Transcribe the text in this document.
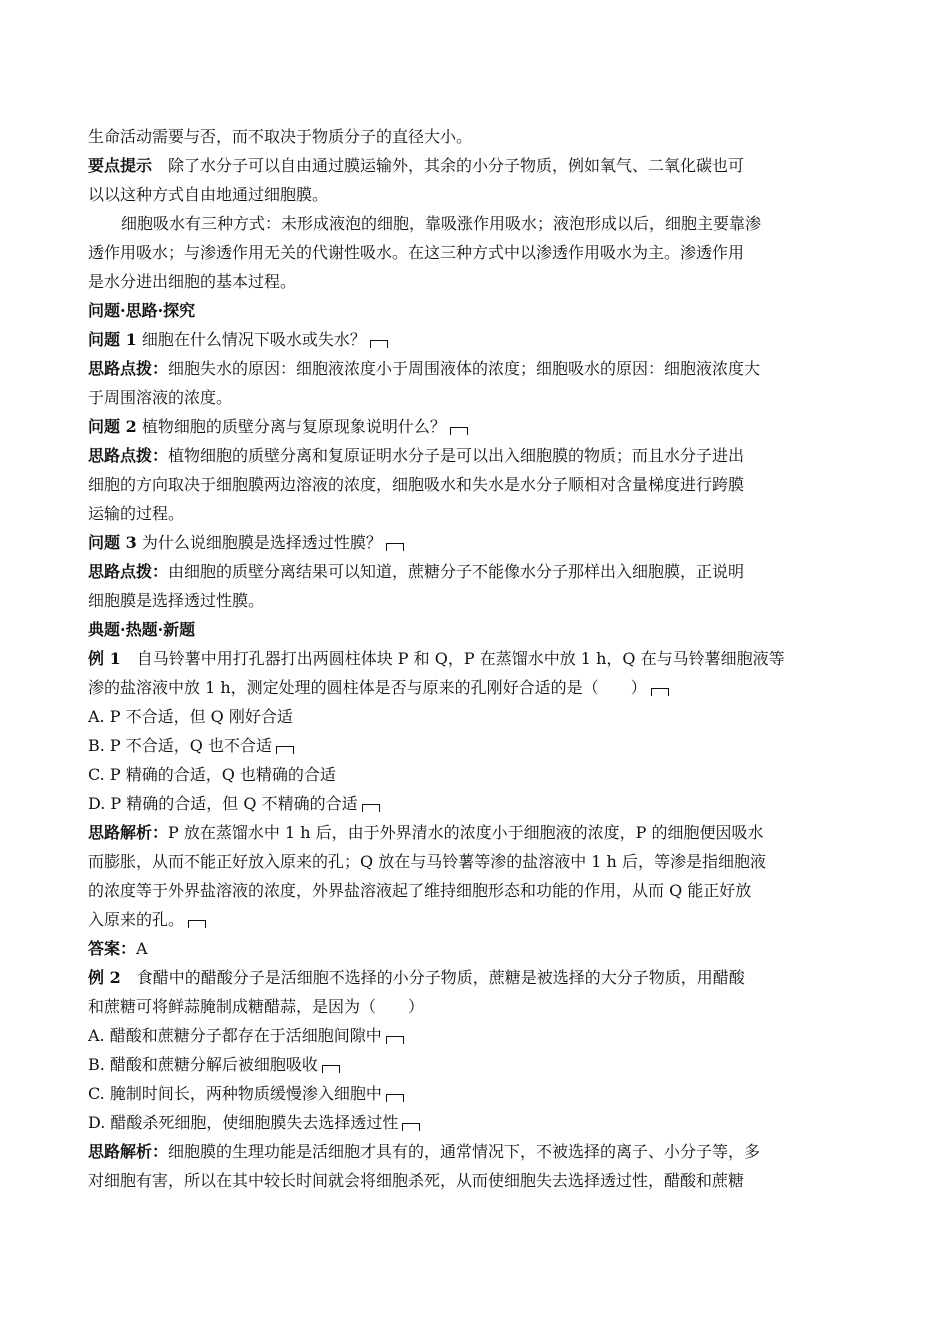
生命活动需要与否，而不取决于物质分子的直径大小。
要点提示 除了水分子可以自由通过膜运输外，其余的小分子物质，例如氧气、二氧化碳也可
以以这种方式自由地通过细胞膜。
细胞吸水有三种方式：未形成液泡的细胞，靠吸涨作用吸水；液泡形成以后，细胞主要靠渗
透作用吸水；与渗透作用无关的代谢性吸水。在这三种方式中以渗透作用吸水为主。渗透作用
是水分进出细胞的基本过程。
问题·思路·探究
问题 1 细胞在什么情况下吸水或失水？
思路点拨：细胞失水的原因：细胞液浓度小于周围液体的浓度；细胞吸水的原因：细胞液浓度大
于周围溶液的浓度。
问题 2 植物细胞的质壁分离与复原现象说明什么？
思路点拨：植物细胞的质壁分离和复原证明水分子是可以出入细胞膜的物质；而且水分子进出
细胞的方向取决于细胞膜两边溶液的浓度，细胞吸水和失水是水分子顺相对含量梯度进行跨膜
运输的过程。
问题 3 为什么说细胞膜是选择透过性膜？
思路点拨：由细胞的质壁分离结果可以知道，蔗糖分子不能像水分子那样出入细胞膜，正说明
细胞膜是选择透过性膜。
典题·热题·新题
例 1 自马铃薯中用打孔器打出两圆柱体块 P 和 Q，P 在蒸馏水中放 1 h，Q 在与马铃薯细胞液等
渗的盐溶液中放 1 h，测定处理的圆柱体是否与原来的孔刚好合适的是（　　）
A. P 不合适，但 Q 刚好合适
B. P 不合适，Q 也不合适
C. P 精确的合适，Q 也精确的合适
D. P 精确的合适，但 Q 不精确的合适
思路解析：P 放在蒸馏水中 1 h 后，由于外界清水的浓度小于细胞液的浓度，P 的细胞便因吸水
而膨胀，从而不能正好放入原来的孔；Q 放在与马铃薯等渗的盐溶液中 1 h 后，等渗是指细胞液
的浓度等于外界盐溶液的浓度，外界盐溶液起了维持细胞形态和功能的作用，从而 Q 能正好放
入原来的孔。
答案：A
例 2 食醋中的醋酸分子是活细胞不选择的小分子物质，蔗糖是被选择的大分子物质，用醋酸
和蔗糖可将鲜蒜腌制成糖醋蒜，是因为（　　）
A. 醋酸和蔗糖分子都存在于活细胞间隙中
B. 醋酸和蔗糖分解后被细胞吸收
C. 腌制时间长，两种物质缓慢渗入细胞中
D. 醋酸杀死细胞，使细胞膜失去选择透过性
思路解析：细胞膜的生理功能是活细胞才具有的，通常情况下，不被选择的离子、小分子等，多
对细胞有害，所以在其中较长时间就会将细胞杀死，从而使细胞失去选择透过性，醋酸和蔗糖
